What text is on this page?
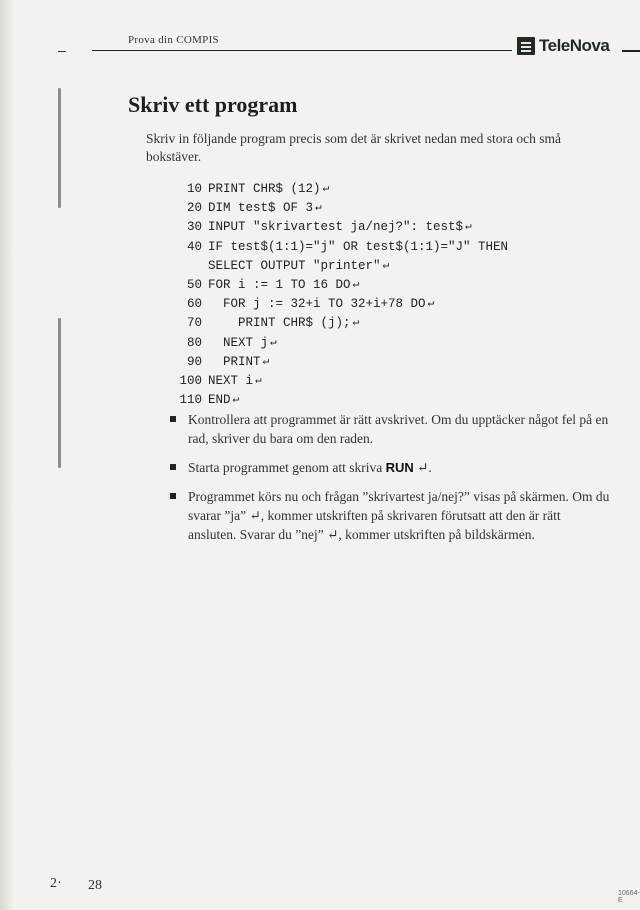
–
Prova din COMPIS	TeleNova
Skriv ett program

Skriv in följande program precis som det är skrivet nedan med stora och små bokstäver.

10 PRINT CHR$ (12) ↵
20 DIM test$ OF 3 ↵
30 INPUT "skrivartest ja/nej?": test$ ↵
40 IF test$(1:1)="j" OR test$(1:1)="J" THEN
SELECT OUTPUT "printer" ↵
50 FOR i := 1 TO 16 DO ↵
60 FOR j := 32+i TO 32+i+78 DO ↵
70 PRINT CHR$ (j); ↵
80 NEXT j ↵
90 PRINT ↵
100 NEXT i ↵
110 END ↵
Kontrollera att programmet är rätt avskrivet. Om du upptäcker något fel på en rad, skriver du bara om den raden.
Starta programmet genom att skriva RUN ↵.
Programmet körs nu och frågan ”skrivartest ja/nej?” visas på skärmen. Om du svarar ”ja” ↵, kommer utskriften på skrivaren förutsatt att den är rätt ansluten. Svarar du ”nej” ↵, kommer utskriften på bildskärmen.
2· 28
10664-E
